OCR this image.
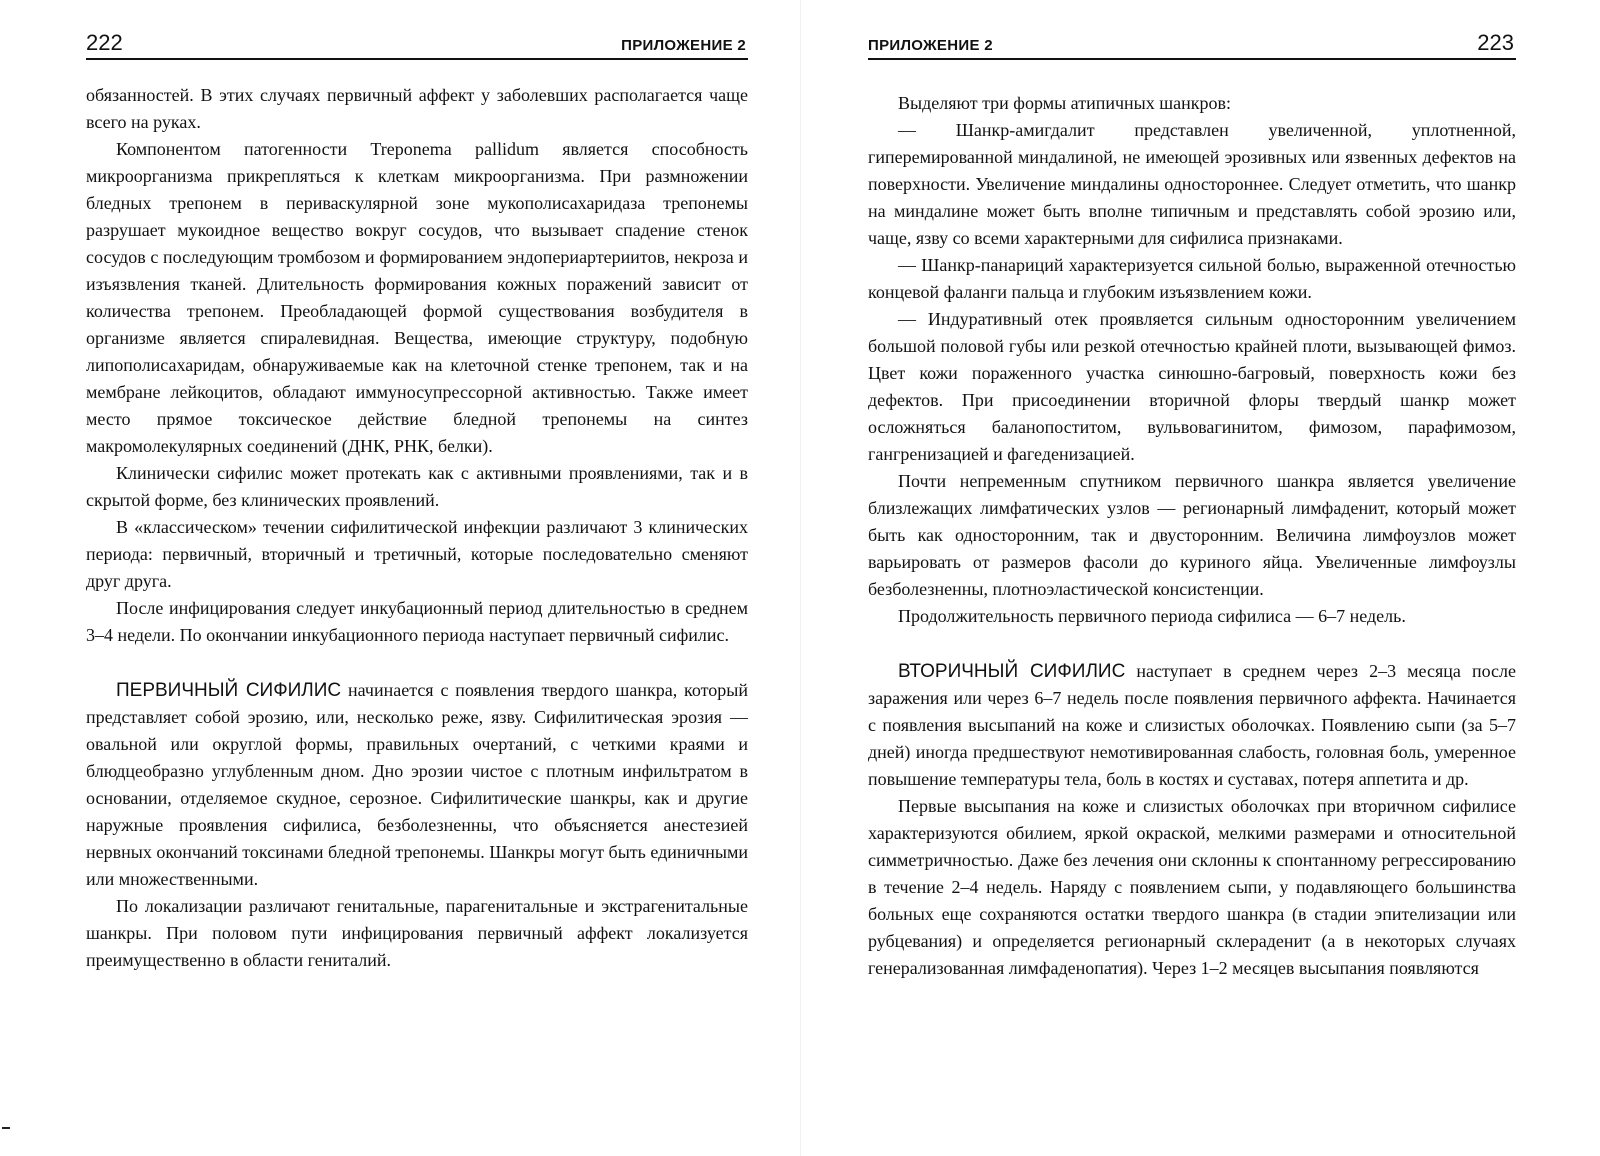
222	ПРИЛОЖЕНИЕ 2

обязанностей. В этих случаях первичный аффект у заболевших располагается чаще всего на руках.

Компонентом патогенности Treponema pallidum является способность микроорганизма прикрепляться к клеткам микроорганизма. При размножении бледных трепонем в периваскулярной зоне мукополисахаридаза трепонемы разрушает мукоидное вещество вокруг сосудов, что вызывает спадение стенок сосудов с последующим тромбозом и формированием эндопериартериитов, некроза и изъязвления тканей. Длительность формирования кожных поражений зависит от количества трепонем. Преобладающей формой существования возбудителя в организме является спиралевидная. Вещества, имеющие структуру, подобную липополисахаридам, обнаруживаемые как на клеточной стенке трепонем, так и на мембране лейкоцитов, обладают иммуносупрессорной активностью. Также имеет место прямое токсическое действие бледной трепонемы на синтез макромолекулярных соединений (ДНК, РНК, белки).

Клинически сифилис может протекать как с активными проявлениями, так и в скрытой форме, без клинических проявлений.

В «классическом» течении сифилитической инфекции различают 3 клинических периода: первичный, вторичный и третичный, которые последовательно сменяют друг друга.

После инфицирования следует инкубационный период длительностью в среднем 3–4 недели. По окончании инкубационного периода наступает первичный сифилис.

ПЕРВИЧНЫЙ СИФИЛИС начинается с появления твердого шанкра, который представляет собой эрозию, или, несколько реже, язву. Сифилитическая эрозия — овальной или округлой формы, правильных очертаний, с четкими краями и блюдцеобразно углубленным дном. Дно эрозии чистое с плотным инфильтратом в основании, отделяемое скудное, серозное. Сифилитические шанкры, как и другие наружные проявления сифилиса, безболезненны, что объясняется анестезией нервных окончаний токсинами бледной трепонемы. Шанкры могут быть единичными или множественными.

По локализации различают генитальные, парагенитальные и экстрагенитальные шанкры. При половом пути инфицирования первичный аффект локализуется преимущественно в области гениталий.

ПРИЛОЖЕНИЕ 2	223

Выделяют три формы атипичных шанкров:

— Шанкр-амигдалит представлен увеличенной, уплотненной, гиперемированной миндалиной, не имеющей эрозивных или язвенных дефектов на поверхности. Увеличение миндалины одностороннее. Следует отметить, что шанкр на миндалине может быть вполне типичным и представлять собой эрозию или, чаще, язву со всеми характерными для сифилиса признаками.

— Шанкр-панариций характеризуется сильной болью, выраженной отечностью концевой фаланги пальца и глубоким изъязвлением кожи.

— Индуративный отек проявляется сильным односторонним увеличением большой половой губы или резкой отечностью крайней плоти, вызывающей фимоз. Цвет кожи пораженного участка синюшно-багровый, поверхность кожи без дефектов. При присоединении вторичной флоры твердый шанкр может осложняться баланопоститом, вульвовагинитом, фимозом, парафимозом, гангренизацией и фагеденизацией.

Почти непременным спутником первичного шанкра является увеличение близлежащих лимфатических узлов — регионарный лимфаденит, который может быть как односторонним, так и двусторонним. Величина лимфоузлов может варьировать от размеров фасоли до куриного яйца. Увеличенные лимфоузлы безболезненны, плотноэластической консистенции.

Продолжительность первичного периода сифилиса — 6–7 недель.

ВТОРИЧНЫЙ СИФИЛИС наступает в среднем через 2–3 месяца после заражения или через 6–7 недель после появления первичного аффекта. Начинается с появления высыпаний на коже и слизистых оболочках. Появлению сыпи (за 5–7 дней) иногда предшествуют немотивированная слабость, головная боль, умеренное повышение температуры тела, боль в костях и суставах, потеря аппетита и др.

Первые высыпания на коже и слизистых оболочках при вторичном сифилисе характеризуются обилием, яркой окраской, мелкими размерами и относительной симметричностью. Даже без лечения они склонны к спонтанному регрессированию в течение 2–4 недель. Наряду с появлением сыпи, у подавляющего большинства больных еще сохраняются остатки твердого шанкра (в стадии эпителизации или рубцевания) и определяется регионарный склераденит (а в некоторых случаях генерализованная лимфаденопатия). Через 1–2 месяцев высыпания появляются
